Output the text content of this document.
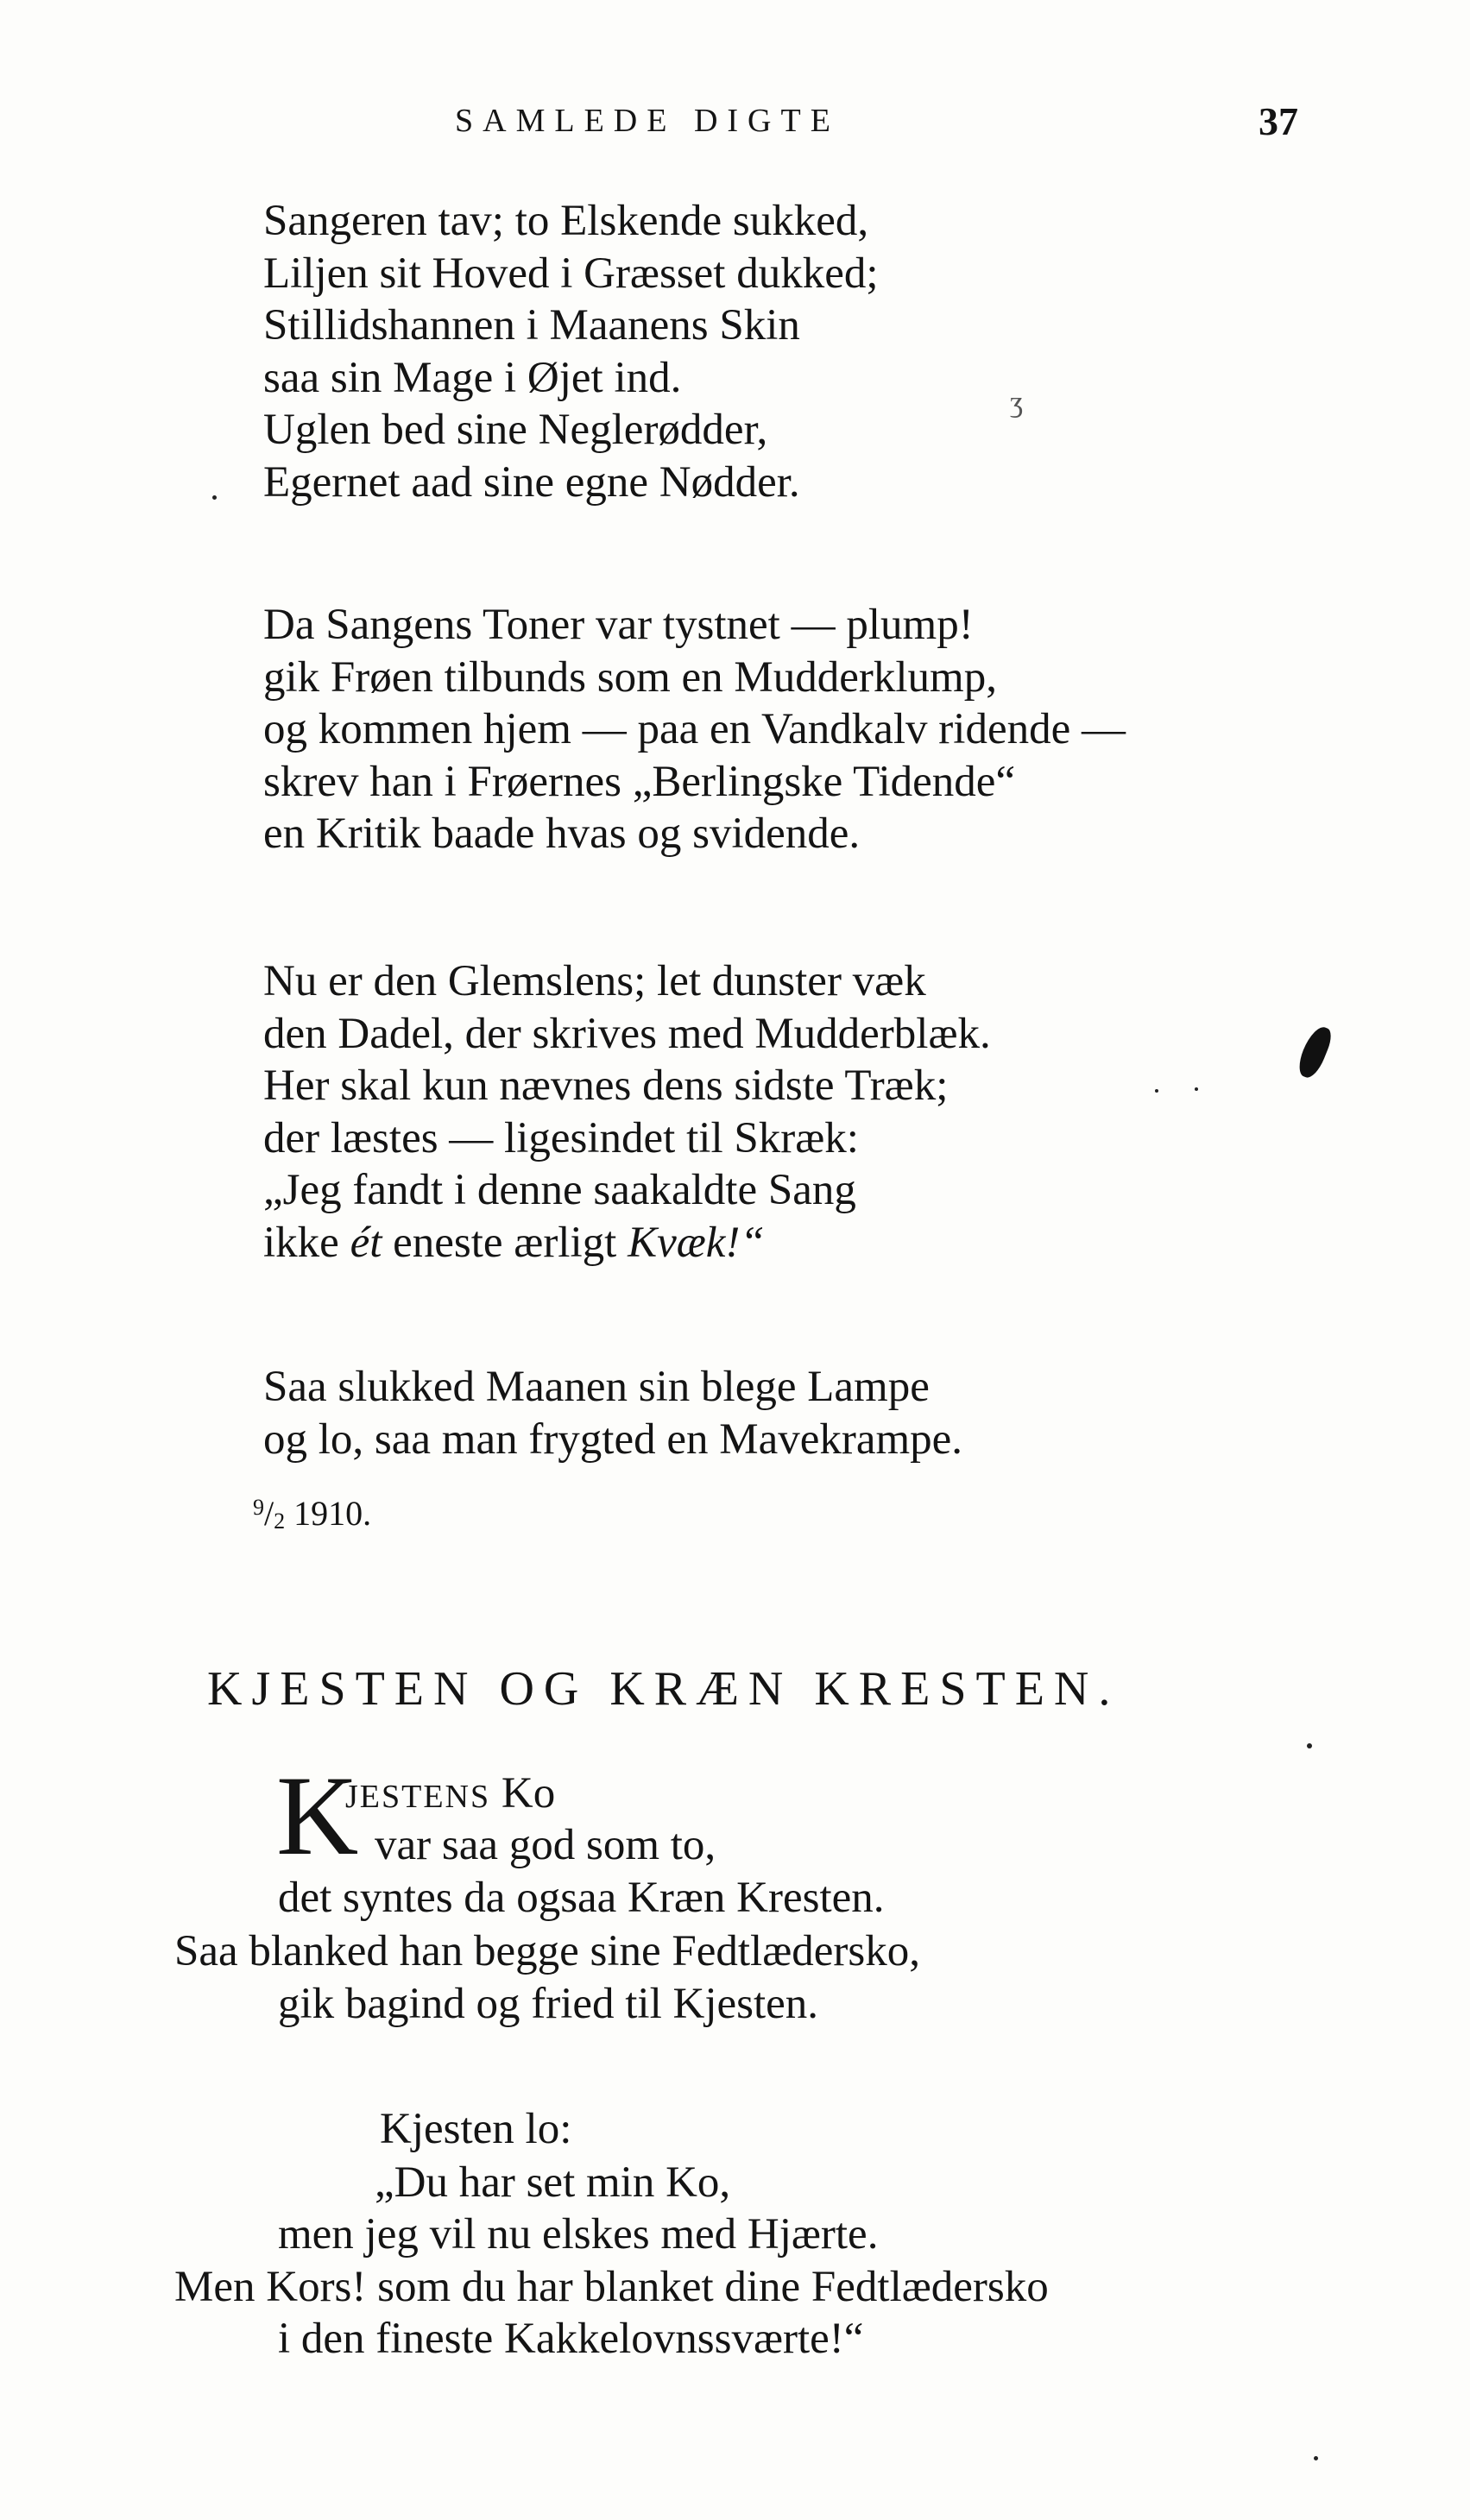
SAMLEDE DIGTE	37
Sangeren tav; to Elskende sukked,
Liljen sit Hoved i Græsset dukked;
Stillidshannen i Maanens Skin
saa sin Mage i Øjet ind.
Uglen bed sine Neglerødder,
Egernet aad sine egne Nødder.
Da Sangens Toner var tystnet — plump!
gik Frøen tilbunds som en Mudderklump,
og kommen hjem — paa en Vandkalv ridende —
skrev han i Frøernes „Berlingske Tidende“
en Kritik baade hvas og svidende.
Nu er den Glemslens; let dunster væk
den Dadel, der skrives med Mudderblæk.
Her skal kun nævnes dens sidste Træk;
der læstes — ligesindet til Skræk:
„Jeg fandt i denne saakaldte Sang
ikke ét eneste ærligt Kvæk!“
Saa slukked Maanen sin blege Lampe
og lo, saa man frygted en Mavekrampe.
$^9/_2$ 1910.
KJESTEN OG KRÆN KRESTEN.
K
JESTENS Ko
var saa god som to,
det syntes da ogsaa Kræn Kresten.
Saa blanked han begge sine Fedtlædersko,
gik bagind og fried til Kjesten.
Kjesten lo:
„Du har set min Ko,
men jeg vil nu elskes med Hjærte.
Men Kors! som du har blanket dine Fedtlædersko
i den fineste Kakkelovnssværte!“
ʒ
